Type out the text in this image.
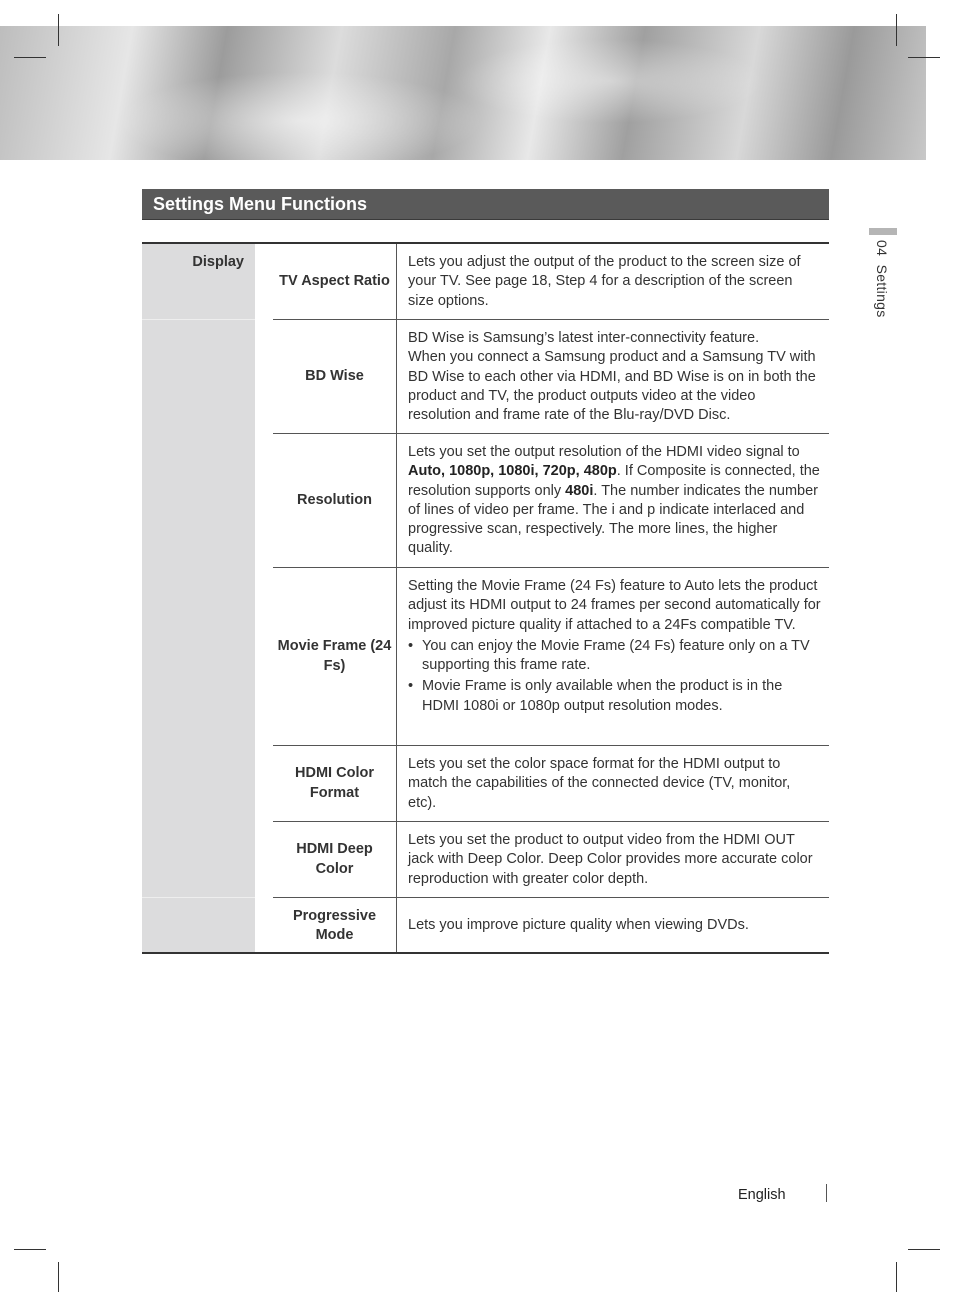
Settings Menu Functions
04  Settings
Display
TV Aspect Ratio
Lets you adjust the output of the product to the screen size of your TV. See page 18, Step 4 for a description of the screen size options.
BD Wise
BD Wise is Samsung’s latest inter-connectivity feature.
When you connect a Samsung product and a Samsung TV with BD Wise to each other via HDMI, and BD Wise is on in both the product and TV, the product outputs video at the video resolution and frame rate of the Blu-ray/DVD Disc.
Resolution
Lets you set the output resolution of the HDMI video signal to Auto, 1080p, 1080i, 720p, 480p. If Composite is connected, the resolution supports only 480i. The number indicates the number of lines of video per frame. The i and p indicate interlaced and progressive scan, respectively. The more lines, the higher quality.
Movie Frame (24 Fs)
Setting the Movie Frame (24 Fs) feature to Auto lets the product adjust its HDMI output to 24 frames per second automatically for improved picture quality if attached to a 24Fs compatible TV.
• You can enjoy the Movie Frame (24 Fs) feature only on a TV supporting this frame rate.
• Movie Frame is only available when the product is in the HDMI 1080i or 1080p output resolution modes.
HDMI Color Format
Lets you set the color space format for the HDMI output to match the capabilities of the connected device (TV, monitor, etc).
HDMI Deep Color
Lets you set the product to output video from the HDMI OUT jack with Deep Color. Deep Color provides more accurate color reproduction with greater color depth.
Progressive Mode
Lets you improve picture quality when viewing DVDs.
English
